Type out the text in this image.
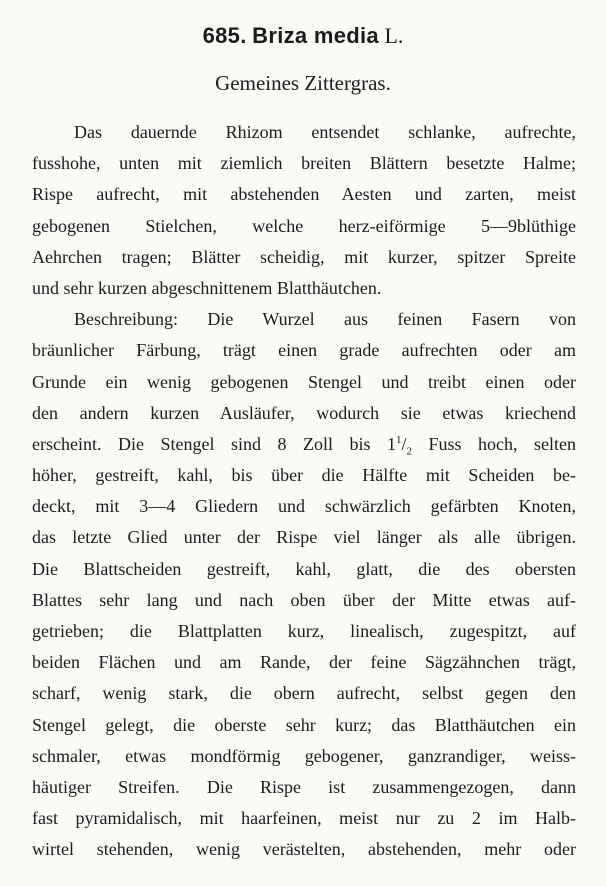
685. Briza media L.
Gemeines Zittergras.
Das dauernde Rhizom entsendet schlanke, aufrechte,
fusshohe, unten mit ziemlich breiten Blättern besetzte Halme;
Rispe aufrecht, mit abstehenden Aesten und zarten, meist
gebogenen Stielchen, welche herz-eiförmige 5—9blüthige
Aehrchen tragen; Blätter scheidig, mit kurzer, spitzer Spreite
und sehr kurzen abgeschnittenem Blatthäutchen.
Beschreibung: Die Wurzel aus feinen Fasern von
bräunlicher Färbung, trägt einen grade aufrechten oder am
Grunde ein wenig gebogenen Stengel und treibt einen oder
den andern kurzen Ausläufer, wodurch sie etwas kriechend
erscheint. Die Stengel sind 8 Zoll bis $1^1/_2$ Fuss hoch, selten
höher, gestreift, kahl, bis über die Hälfte mit Scheiden be-
deckt, mit 3—4 Gliedern und schwärzlich gefärbten Knoten,
das letzte Glied unter der Rispe viel länger als alle übrigen.
Die Blattscheiden gestreift, kahl, glatt, die des obersten
Blattes sehr lang und nach oben über der Mitte etwas auf-
getrieben; die Blattplatten kurz, linealisch, zugespitzt, auf
beiden Flächen und am Rande, der feine Sägzähnchen trägt,
scharf, wenig stark, die obern aufrecht, selbst gegen den
Stengel gelegt, die oberste sehr kurz; das Blatthäutchen ein
schmaler, etwas mondförmig gebogener, ganzrandiger, weiss-
häutiger Streifen. Die Rispe ist zusammengezogen, dann
fast pyramidalisch, mit haarfeinen, meist nur zu 2 im Halb-
wirtel stehenden, wenig verästelten, abstehenden, mehr oder
